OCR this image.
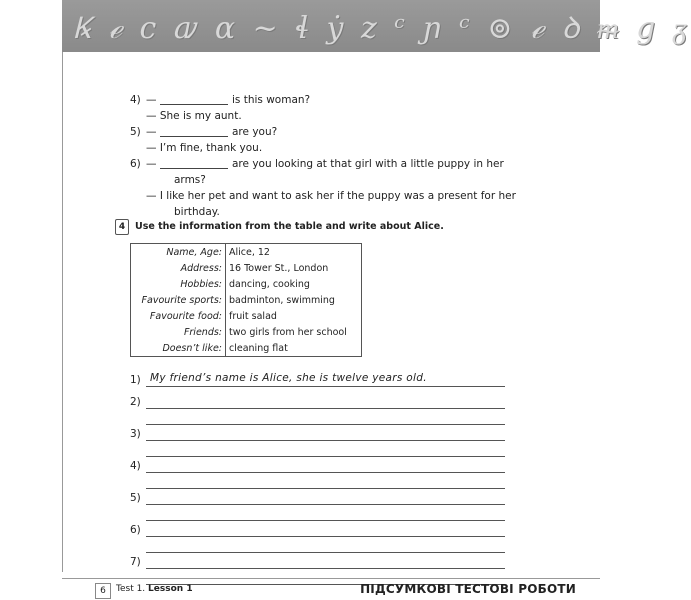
Ꝃ ℯ c ꜹ ɑ ~ ɬ ẏ z ᶜ ɲ ᶜ ⊚ ℯ ꝺ ᵯ g ᵹ
4) —	is this woman?
— She is my aunt.
5) —	are you?
— I’m fine, thank you.
6) —	are you looking at that girl with a little puppy in her
arms?
— I like her pet and want to ask her if the puppy was a present for her
birthday.
4 Use the information from the table and write about Alice.
Name, Age:	Alice, 12
Address:	16 Tower St., London
Hobbies:	dancing, cooking
Favourite sports:	badminton, swimming
Favourite food:	fruit salad
Friends:	two girls from her school
Doesn’t like:	cleaning flat
1) My friend’s name is Alice, she is twelve years old.
2)
3)
4)
5)
6)
7)
6	Test 1. Lesson 1	ПІДСУМКОВІ ТЕСТОВІ РОБОТИ
